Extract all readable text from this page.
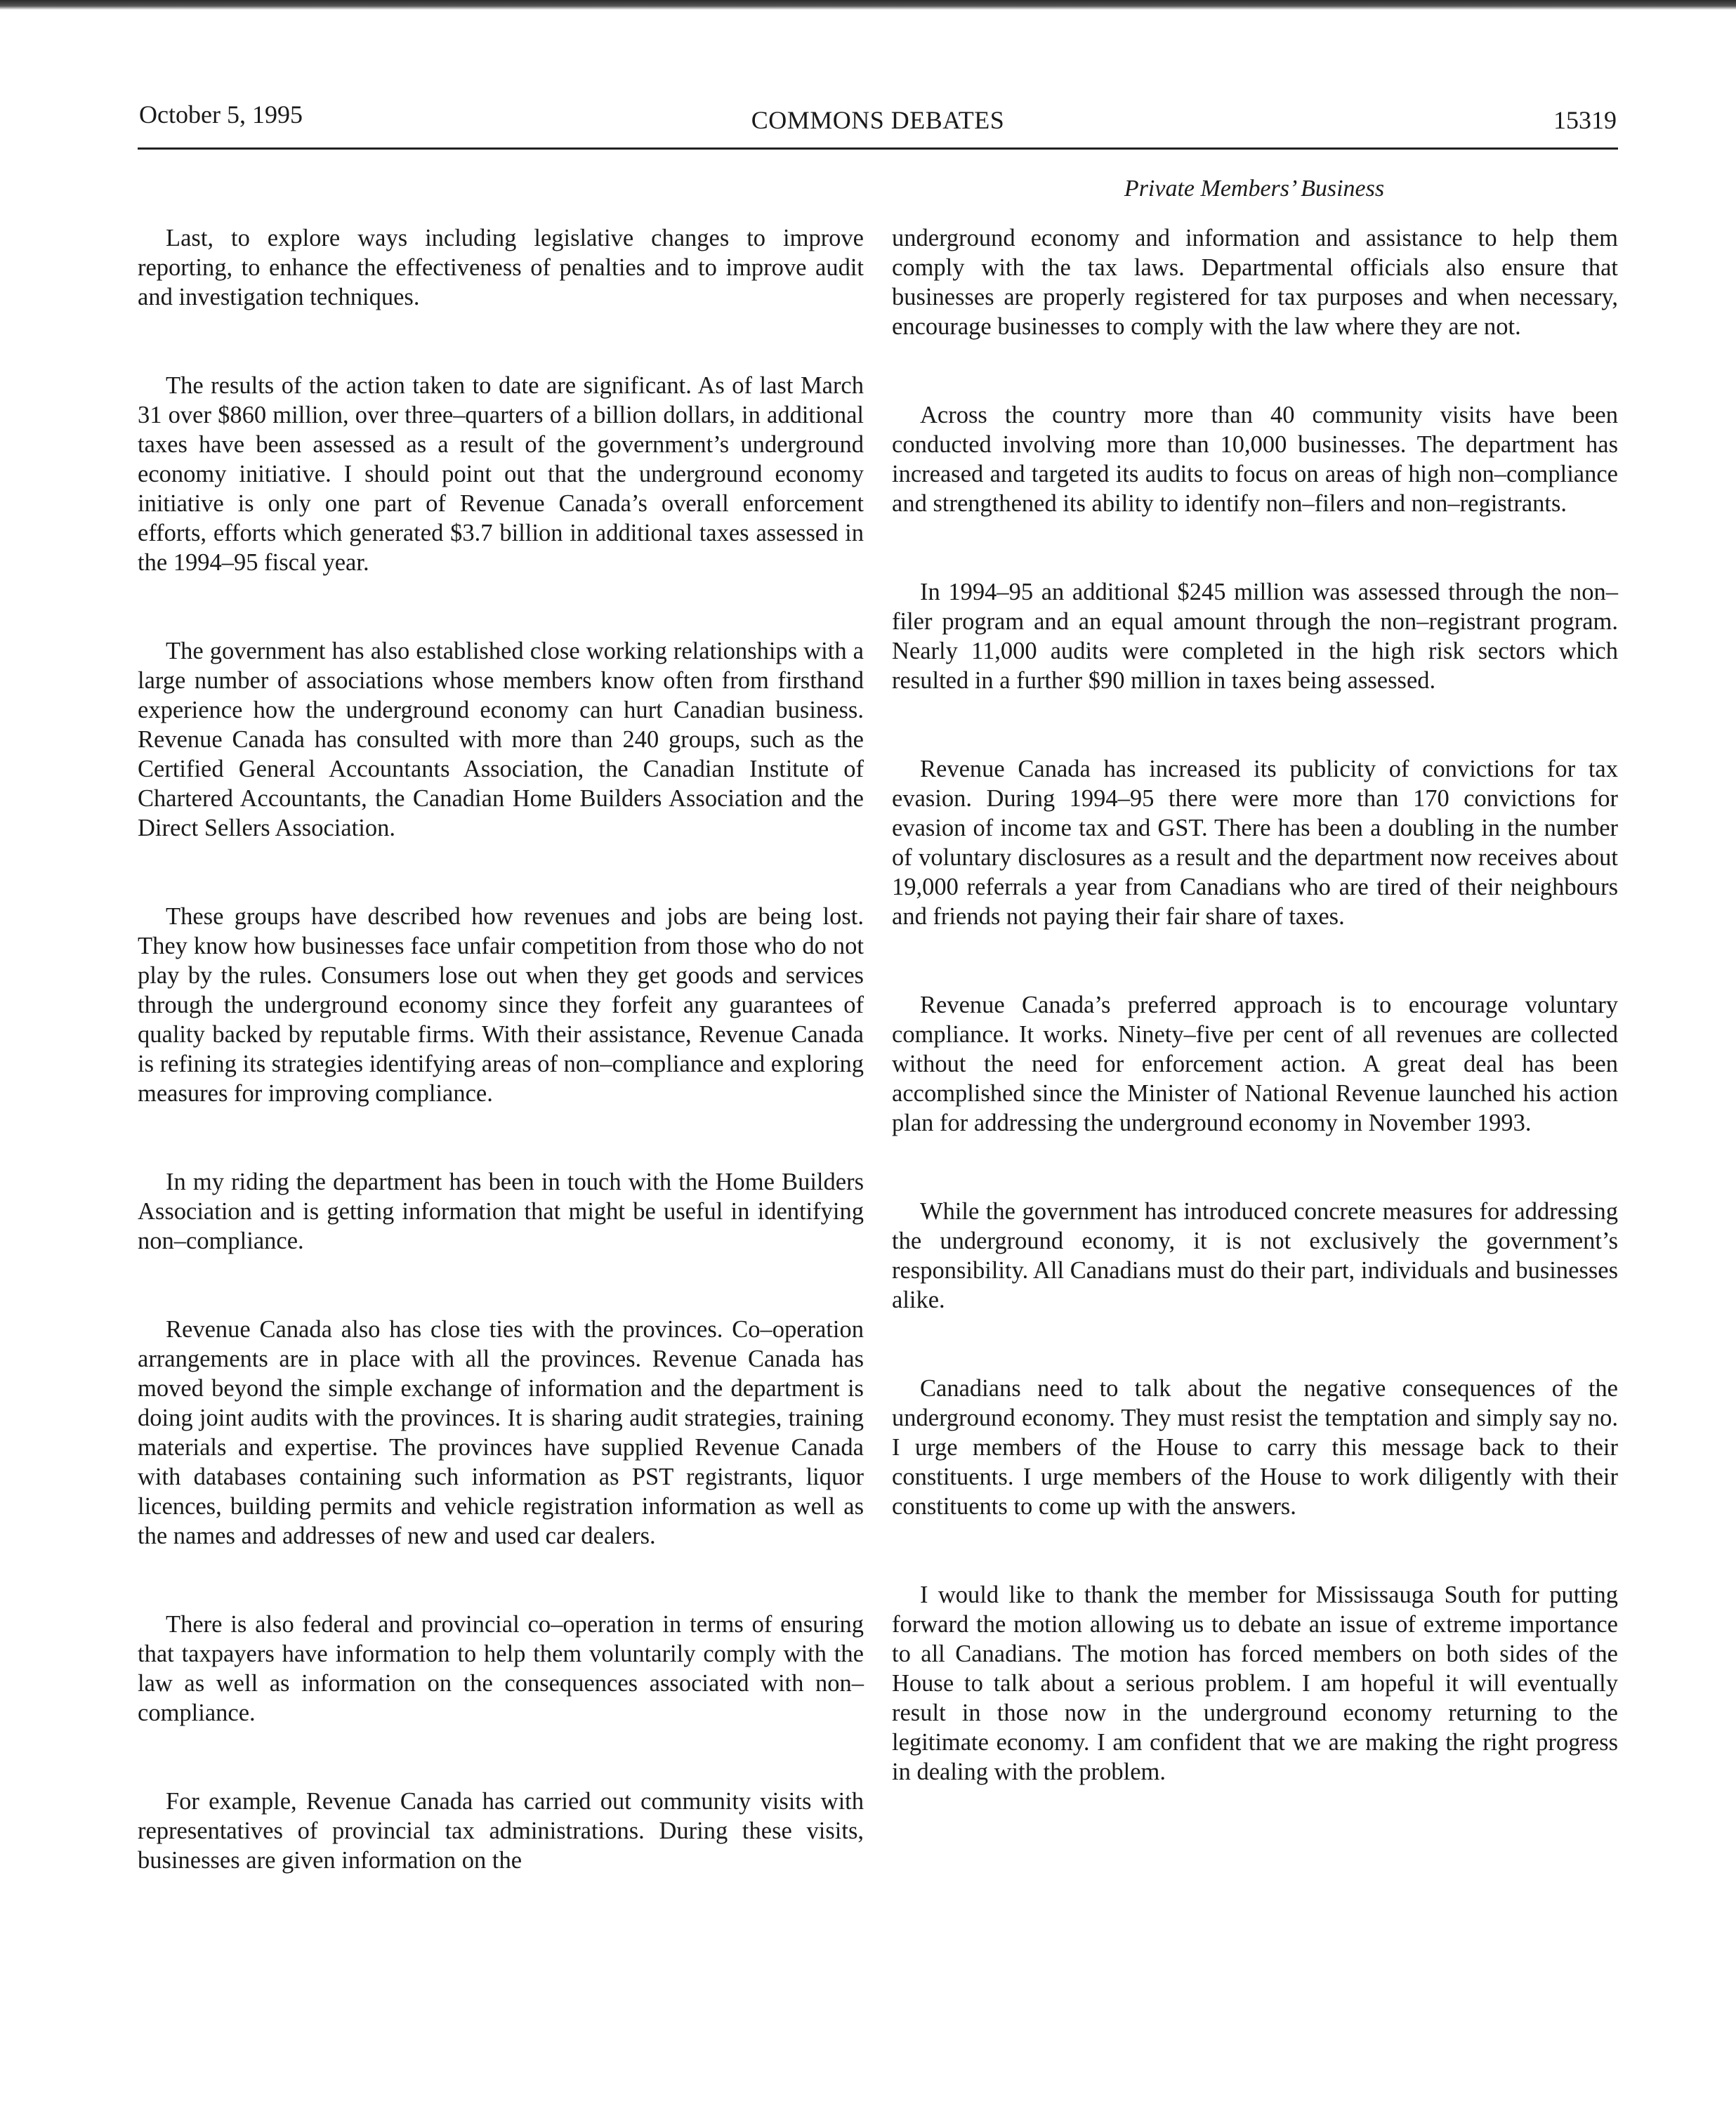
October 5, 1995	COMMONS DEBATES	15319
Private Members’ Business

Last, to explore ways including legislative changes to improve reporting, to enhance the effectiveness of penalties and to improve audit and investigation techniques.

The results of the action taken to date are significant. As of last March 31 over $860 million, over three–quarters of a billion dollars, in additional taxes have been assessed as a result of the government’s underground economy initiative. I should point out that the underground economy initiative is only one part of Revenue Canada’s overall enforcement efforts, efforts which generated $3.7 billion in additional taxes assessed in the 1994–95 fiscal year.

The government has also established close working relationships with a large number of associations whose members know often from firsthand experience how the underground economy can hurt Canadian business. Revenue Canada has consulted with more than 240 groups, such as the Certified General Accountants Association, the Canadian Institute of Chartered Accountants, the Canadian Home Builders Association and the Direct Sellers Association.

These groups have described how revenues and jobs are being lost. They know how businesses face unfair competition from those who do not play by the rules. Consumers lose out when they get goods and services through the underground economy since they forfeit any guarantees of quality backed by reputable firms. With their assistance, Revenue Canada is refining its strategies identifying areas of non–compliance and exploring measures for improving compliance.

In my riding the department has been in touch with the Home Builders Association and is getting information that might be useful in identifying non–compliance.

Revenue Canada also has close ties with the provinces. Co–operation arrangements are in place with all the provinces. Revenue Canada has moved beyond the simple exchange of information and the department is doing joint audits with the provinces. It is sharing audit strategies, training materials and expertise. The provinces have supplied Revenue Canada with databases containing such information as PST registrants, liquor licences, building permits and vehicle registration information as well as the names and addresses of new and used car dealers.

There is also federal and provincial co–operation in terms of ensuring that taxpayers have information to help them voluntarily comply with the law as well as information on the consequences associated with non–compliance.

For example, Revenue Canada has carried out community visits with representatives of provincial tax administrations. During these visits, businesses are given information on the

underground economy and information and assistance to help them comply with the tax laws. Departmental officials also ensure that businesses are properly registered for tax purposes and when necessary, encourage businesses to comply with the law where they are not.

Across the country more than 40 community visits have been conducted involving more than 10,000 businesses. The department has increased and targeted its audits to focus on areas of high non–compliance and strengthened its ability to identify non–filers and non–registrants.

In 1994–95 an additional $245 million was assessed through the non–filer program and an equal amount through the non–registrant program. Nearly 11,000 audits were completed in the high risk sectors which resulted in a further $90 million in taxes being assessed.

Revenue Canada has increased its publicity of convictions for tax evasion. During 1994–95 there were more than 170 convictions for evasion of income tax and GST. There has been a doubling in the number of voluntary disclosures as a result and the department now receives about 19,000 referrals a year from Canadians who are tired of their neighbours and friends not paying their fair share of taxes.

Revenue Canada’s preferred approach is to encourage voluntary compliance. It works. Ninety–five per cent of all revenues are collected without the need for enforcement action. A great deal has been accomplished since the Minister of National Revenue launched his action plan for addressing the underground economy in November 1993.

While the government has introduced concrete measures for addressing the underground economy, it is not exclusively the government’s responsibility. All Canadians must do their part, individuals and businesses alike.

Canadians need to talk about the negative consequences of the underground economy. They must resist the temptation and simply say no. I urge members of the House to carry this message back to their constituents. I urge members of the House to work diligently with their constituents to come up with the answers.

I would like to thank the member for Mississauga South for putting forward the motion allowing us to debate an issue of extreme importance to all Canadians. The motion has forced members on both sides of the House to talk about a serious problem. I am hopeful it will eventually result in those now in the underground economy returning to the legitimate economy. I am confident that we are making the right progress in dealing with the problem.
